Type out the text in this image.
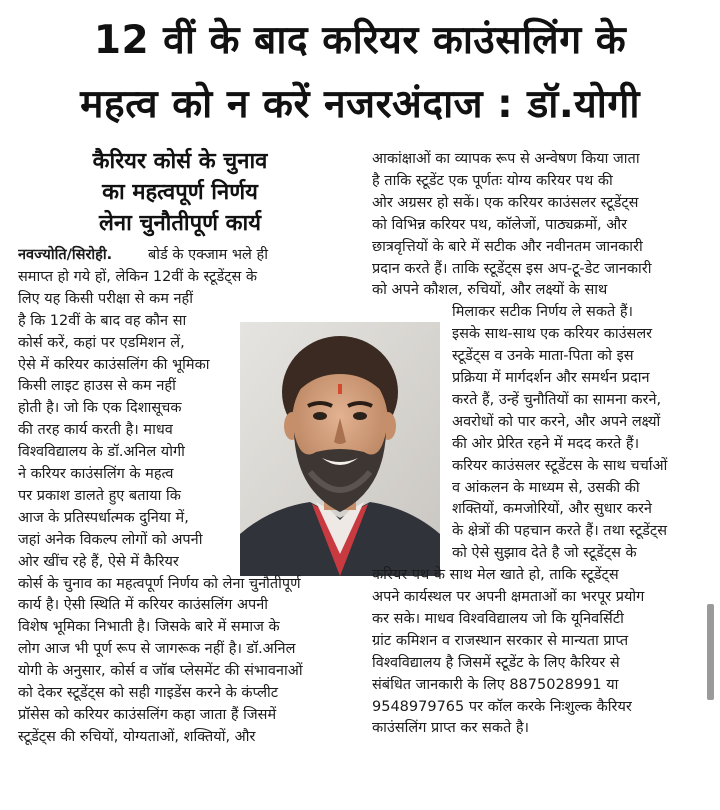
12 वीं के बाद करियर काउंसलिंग के
महत्व को न करें नजरअंदाज : डॉ.योगी
कैरियर कोर्स के चुनाव
का महत्वपूर्ण निर्णय
लेना चुनौतीपूर्ण कार्य
नवज्योति/सिरोही. बोर्ड के एक्जाम भले ही
समाप्त हो गये हों, लेकिन 12वीं के स्टूडेंट्स के
लिए यह किसी परीक्षा से कम नहीं
है कि 12वीं के बाद वह कौन सा
कोर्स करें, कहां पर एडमिशन लें,
ऐसे में करियर काउंसलिंग की भूमिका
किसी लाइट हाउस से कम नहीं
होती है। जो कि एक दिशासूचक
की तरह कार्य करती है। माधव
विश्वविद्यालय के डॉ.अनिल योगी
ने करियर काउंसलिंग के महत्व
पर प्रकाश डालते हुए बताया कि
आज के प्रतिस्पर्धात्मक दुनिया में,
जहां अनेक विकल्प लोगों को अपनी
ओर खींच रहे हैं, ऐसे में कैरियर
कोर्स के चुनाव का महत्वपूर्ण निर्णय को लेना चुनौतीपूर्ण
कार्य है। ऐसी स्थिति में करियर काउंसलिंग अपनी
विशेष भूमिका निभाती है। जिसके बारे में समाज के
लोग आज भी पूर्ण रूप से जागरूक नहीं है। डॉ.अनिल
योगी के अनुसार, कोर्स व जॉब प्लेसमेंट की संभावनाओं
को देकर स्टूडेंट्स को सही गाइडेंस करने के कंप्लीट
प्रॉसेस को करियर काउंसलिंग कहा जाता हैं जिसमें
स्टूडेंट्स की रुचियों, योग्यताओं, शक्तियों, और
आकांक्षाओं का व्यापक रूप से अन्वेषण किया जाता
है ताकि स्टूडेंट एक पूर्णतः योग्य करियर पथ की
ओर अग्रसर हो सकें। एक करियर काउंसलर स्टूडेंट्स
को विभिन्न करियर पथ, कॉलेजों, पाठ्यक्रमों, और
छात्रवृत्तियों के बारे में सटीक और नवीनतम जानकारी
प्रदान करते हैं। ताकि स्टूडेंट्स इस अप-टू-डेट जानकारी
को अपने कौशल, रुचियों, और लक्ष्यों के साथ
मिलाकर सटीक निर्णय ले सकते हैं।
इसके साथ-साथ एक करियर काउंसलर
स्टूडेंट्स व उनके माता-पिता को इस
प्रक्रिया में मार्गदर्शन और समर्थन प्रदान
करते हैं, उन्हें चुनौतियों का सामना करने,
अवरोधों को पार करने, और अपने लक्ष्यों
की ओर प्रेरित रहने में मदद करते हैं।
करियर काउंसलर स्टूडेंटस के साथ चर्चाओं
व आंकलन के माध्यम से, उसकी की
शक्तियों, कमजोरियों, और सुधार करने
के क्षेत्रों की पहचान करते हैं। तथा स्टूडेंट्स
को ऐसे सुझाव देते है जो स्टूडेंट्स के
करियर पथ के साथ मेल खाते हो, ताकि स्टूडेंट्स
अपने कार्यस्थल पर अपनी क्षमताओं का भरपूर प्रयोग
कर सके। माधव विश्वविद्यालय जो कि यूनिवर्सिटी
ग्रांट कमिशन व राजस्थान सरकार से मान्यता प्राप्त
विश्वविद्यालय है जिसमें स्टूडेंट के लिए कैरियर से
संबंधित जानकारी के लिए 8875028991 या
9548979765 पर कॉल करके निःशुल्क कैरियर
काउंसलिंग प्राप्त कर सकते है।
